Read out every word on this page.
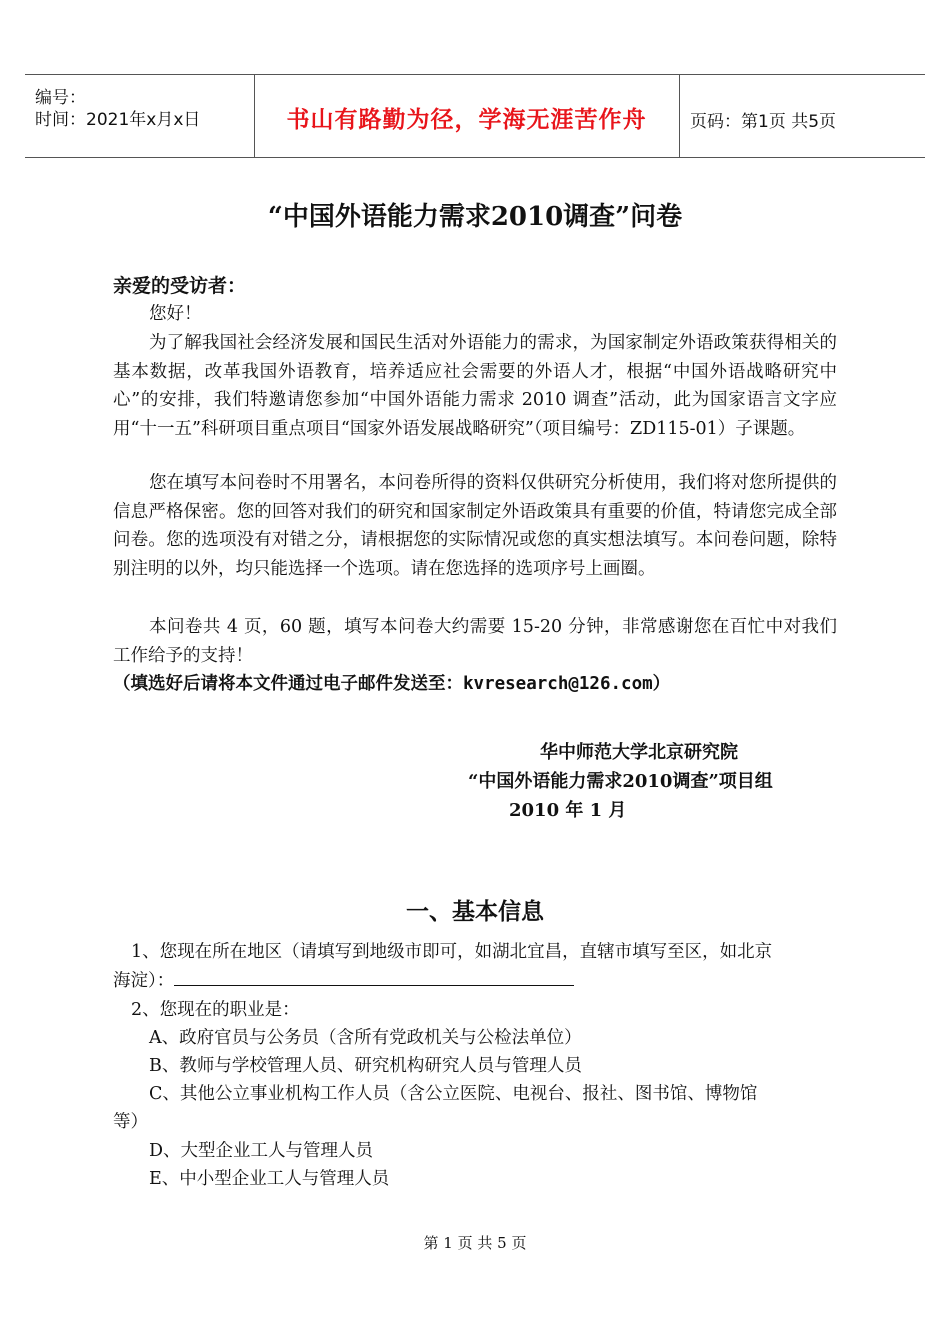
编号：
时间：2021年x月x日	书山有路勤为径，学海无涯苦作舟	页码：第1页 共5页
“中国外语能力需求2010调查”问卷
亲爱的受访者：

您好！

为了解我国社会经济发展和国民生活对外语能力的需求，为国家制定外语政策获得相关的基本数据，改革我国外语教育，培养适应社会需要的外语人才，根据“中国外语战略研究中心”的安排，我们特邀请您参加“中国外语能力需求 2010 调查”活动，此为国家语言文字应用“十一五”科研项目重点项目“国家外语发展战略研究”（项目编号：ZD115-01）子课题。

您在填写本问卷时不用署名，本问卷所得的资料仅供研究分析使用，我们将对您所提供的信息严格保密。您的回答对我们的研究和国家制定外语政策具有重要的价值，特请您完成全部问卷。您的选项没有对错之分，请根据您的实际情况或您的真实想法填写。本问卷问题，除特别注明的以外，均只能选择一个选项。请在您选择的选项序号上画圈。

本问卷共 4 页，60 题，填写本问卷大约需要 15-20 分钟，非常感谢您在百忙中对我们工作给予的支持！

（填选好后请将本文件通过电子邮件发送至：kvresearch@126.com）
华中师范大学北京研究院
“中国外语能力需求2010调查”项目组
2010 年 1 月
一、基本信息
1、您现在所在地区（请填写到地级市即可，如湖北宜昌，直辖市填写至区，如北京
海淀）：
2、您现在的职业是：
A、政府官员与公务员（含所有党政机关与公检法单位）
B、教师与学校管理人员、研究机构研究人员与管理人员
C、其他公立事业机构工作人员（含公立医院、电视台、报社、图书馆、博物馆
等）
D、大型企业工人与管理人员
E、中小型企业工人与管理人员
第 1 页 共 5 页
